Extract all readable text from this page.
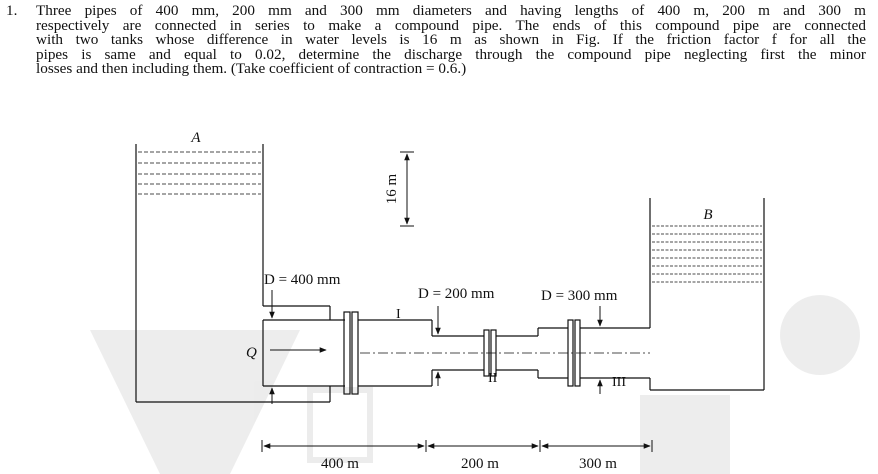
1. Three pipes of 400 mm, 200 mm and 300 mm diameters and having lengths of 400 m, 200 m and 300 m
respectively are connected in series to make a compound pipe. The ends of this compound pipe are connected
with two tanks whose difference in water levels is 16 m as shown in Fig. If the friction factor f for all the
pipes is same and equal to 0.02, determine the discharge through the compound pipe neglecting first the minor
losses and then including them. (Take coefficient of contraction = 0.6.)
A
16 m
B
Q
D = 400 mm
D = 200 mm	D = 300 mm
I
II	III
400 m	200 m	300 m
